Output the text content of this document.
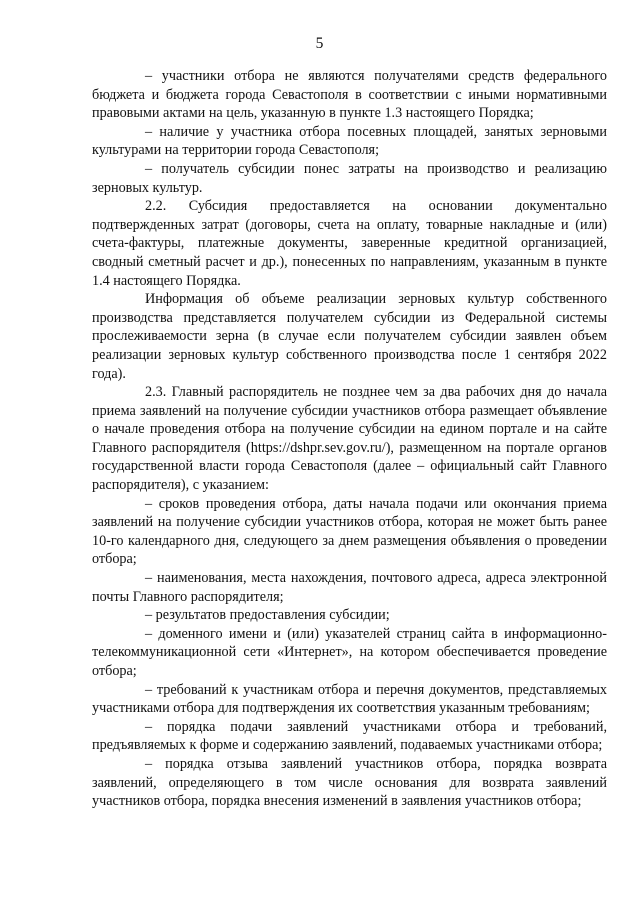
5

– участники отбора не являются получателями средств федерального бюджета и бюджета города Севастополя в соответствии с иными нормативными правовыми актами на цель, указанную в пункте 1.3 настоящего Порядка;

– наличие у участника отбора посевных площадей, занятых зерновыми культурами на территории города Севастополя;

– получатель субсидии понес затраты на производство и реализацию зерновых культур.

2.2. Субсидия предоставляется на основании документально подтвержденных затрат (договоры, счета на оплату, товарные накладные и (или) счета-фактуры, платежные документы, заверенные кредитной организацией, сводный сметный расчет и др.), понесенных по направлениям, указанным в пункте 1.4 настоящего Порядка.

Информация об объеме реализации зерновых культур собственного производства представляется получателем субсидии из Федеральной системы прослеживаемости зерна (в случае если получателем субсидии заявлен объем реализации зерновых культур собственного производства после 1 сентября 2022 года).

2.3. Главный распорядитель не позднее чем за два рабочих дня до начала приема заявлений на получение субсидии участников отбора размещает объявление о начале проведения отбора на получение субсидии на едином портале и на сайте Главного распорядителя (https://dshpr.sev.gov.ru/), размещенном на портале органов государственной власти города Севастополя (далее – официальный сайт Главного распорядителя), с указанием:

– сроков проведения отбора, даты начала подачи или окончания приема заявлений на получение субсидии участников отбора, которая не может быть ранее 10-го календарного дня, следующего за днем размещения объявления о проведении отбора;

– наименования, места нахождения, почтового адреса, адреса электронной почты Главного распорядителя;

– результатов предоставления субсидии;

– доменного имени и (или) указателей страниц сайта в информационно-телекоммуникационной сети «Интернет», на котором обеспечивается проведение отбора;

– требований к участникам отбора и перечня документов, представляемых участниками отбора для подтверждения их соответствия указанным требованиям;

– порядка подачи заявлений участниками отбора и требований, предъявляемых к форме и содержанию заявлений, подаваемых участниками отбора;

– порядка отзыва заявлений участников отбора, порядка возврата заявлений, определяющего в том числе основания для возврата заявлений участников отбора, порядка внесения изменений в заявления участников отбора;
